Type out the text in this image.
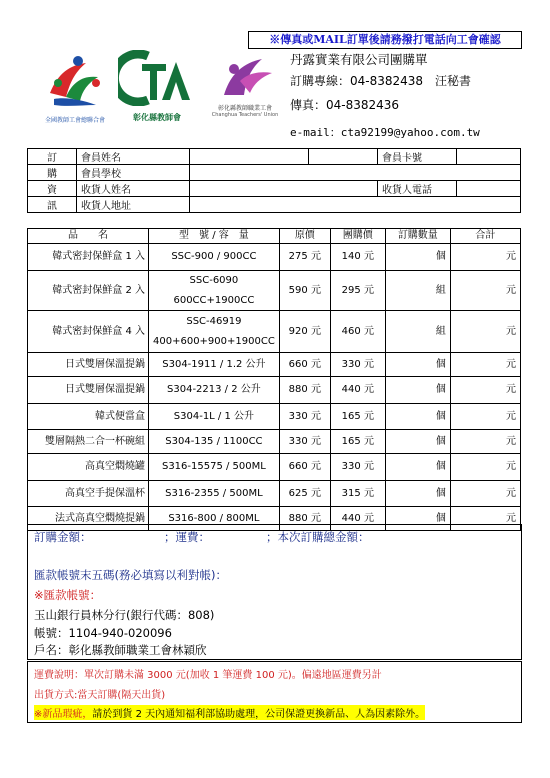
※傳真或MAIL訂單後請務撥打電話向工會確認
全國教師工會總聯合會	彰化縣教師會
彰化縣教師職業工會
Changhua Teachers' Union
丹露實業有限公司團購單
訂購專線：04-8382438　汪秘書
傳真：04-8382436
e-mail：cta92199@yahoo.com.tw
訂	會員姓名			會員卡號	
購	會員學校				
資	收貨人姓名			收貨人電話	
訊	收貨人地址				
品　　名	型　號 / 容　量	原價	團購價	訂購數量	合計
韓式密封保鮮盒 1 入	SSC-900 / 900CC	275 元	140 元	個	元
韓式密封保鮮盒 2 入	SSC-6090
600CC+1900CC	590 元	295 元	組	元
韓式密封保鮮盒 4 入	SSC-46919
400+600+900+1900CC	920 元	460 元	組	元
日式雙層保溫提鍋	S304-1911 / 1.2 公升	660 元	330 元	個	元
日式雙層保溫提鍋	S304-2213 / 2 公升	880 元	440 元	個	元
韓式便當盒	S304-1L / 1 公升	330 元	165 元	個	元
雙層隔熱二合一杯碗組	S304-135 / 1100CC	330 元	165 元	個	元
高真空燜燒罐	S316-15575 / 500ML	660 元	330 元	個	元
高真空手提保溫杯	S316-2355 / 500ML	625 元	315 元	個	元
法式高真空燜燒提鍋	S316-800 / 800ML	880 元	440 元	個	元
訂購金額：	；運費：	；本次訂購總金額：
匯款帳號末五碼(務必填寫以利對帳)：
※匯款帳號：
玉山銀行員林分行(銀行代碼：808)
帳號：1104-940-020096
戶名：彰化縣教師職業工會林穎欣
運費說明：單次訂購未滿 3000 元(加收 1 筆運費 100 元)。偏遠地區運費另計
出貨方式:當天訂購(隔天出貨)
※新品瑕疵，請於到貨 2 天內通知福利部協助處理，公司保證更換新品、人為因素除外。
